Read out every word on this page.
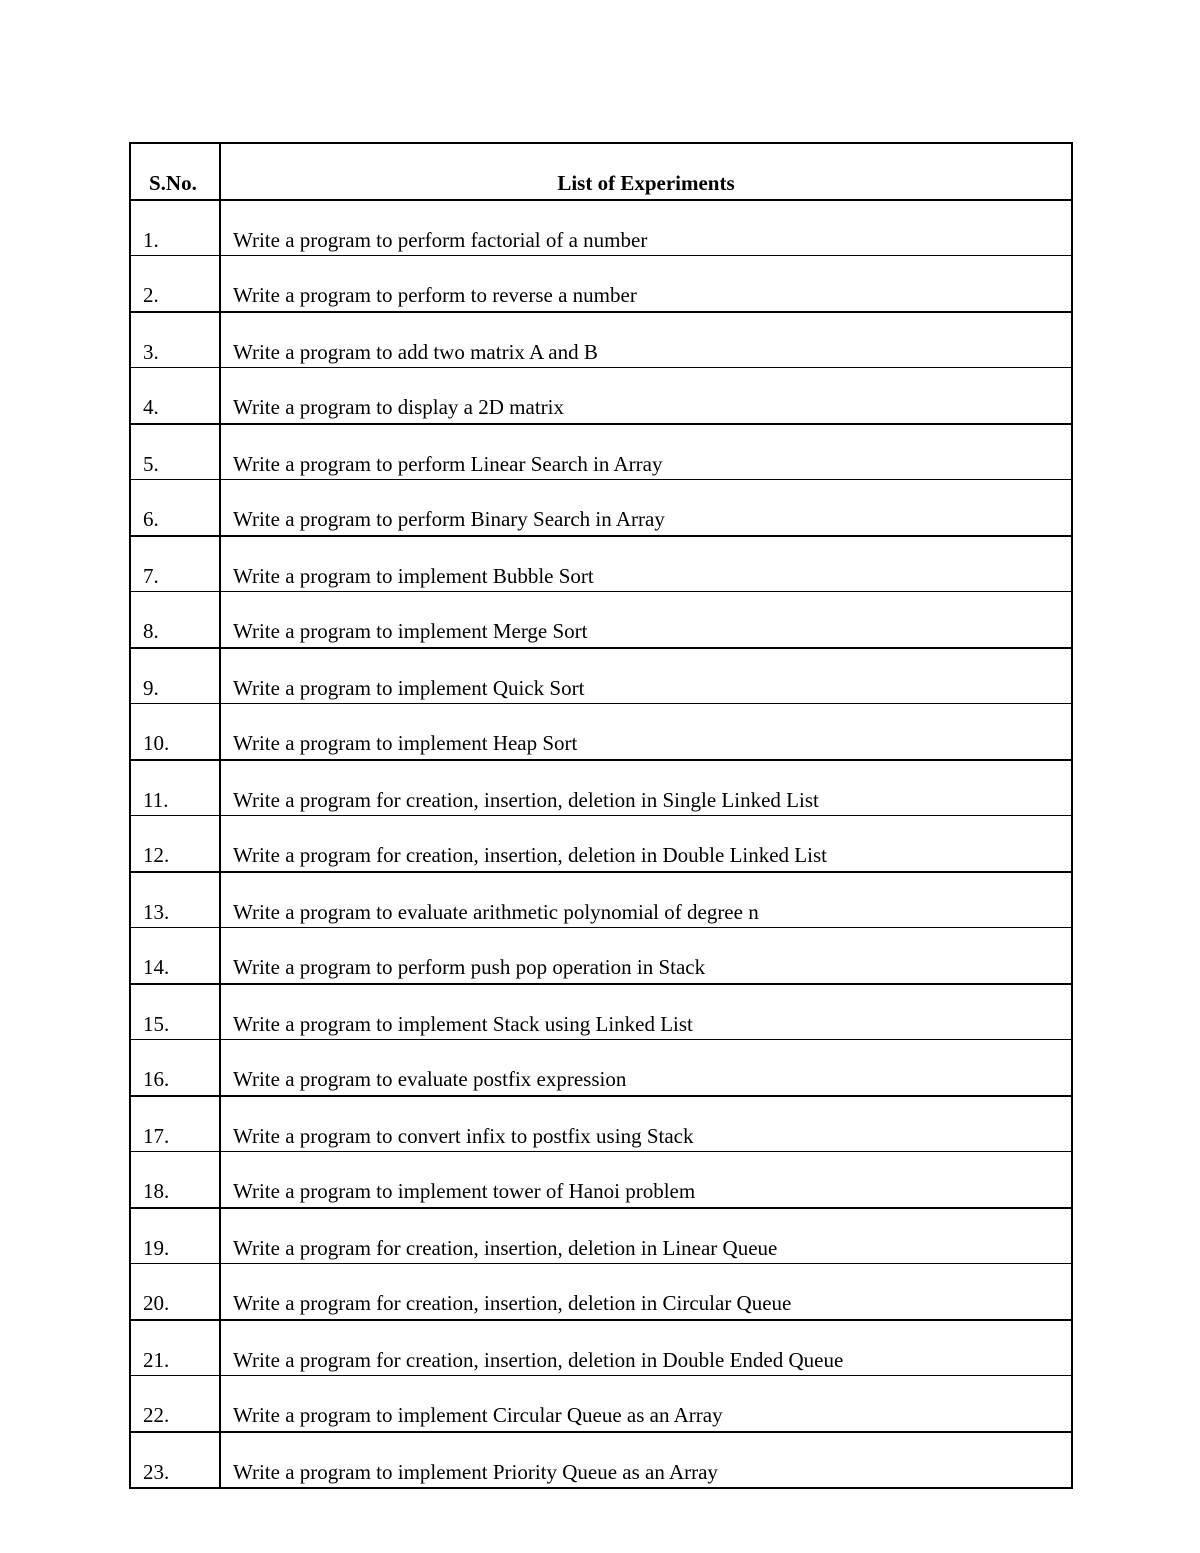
S.No.	List of Experiments
1.	Write a program to perform factorial of a number
2.	Write a program to perform to reverse a number
3.	Write a program to add two matrix A and B
4.	Write a program to display a 2D matrix
5.	Write a program to perform Linear Search in Array
6.	Write a program to perform Binary Search in Array
7.	Write a program to implement Bubble Sort
8.	Write a program to implement Merge Sort
9.	Write a program to implement Quick Sort
10.	Write a program to implement Heap Sort
11.	Write a program for creation, insertion, deletion in Single Linked List
12.	Write a program for creation, insertion, deletion in Double Linked List
13.	Write a program to evaluate arithmetic polynomial of degree n
14.	Write a program to perform push pop operation in Stack
15.	Write a program to implement Stack using Linked List
16.	Write a program to evaluate postfix expression
17.	Write a program to convert infix to postfix using Stack
18.	Write a program to implement tower of Hanoi problem
19.	Write a program for creation, insertion, deletion in Linear Queue
20.	Write a program for creation, insertion, deletion in Circular Queue
21.	Write a program for creation, insertion, deletion in Double Ended Queue
22.	Write a program to implement Circular Queue as an Array
23.	Write a program to implement Priority Queue as an Array
